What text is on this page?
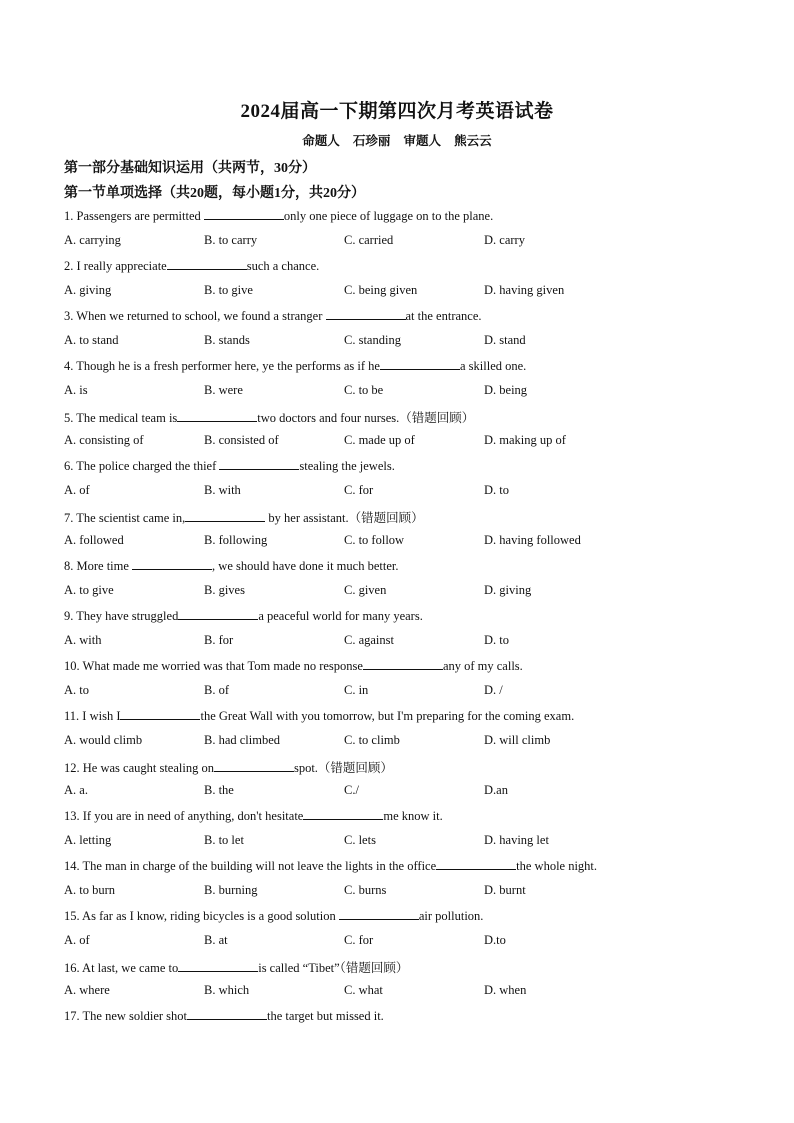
2024届高一下期第四次月考英语试卷
命题人 石珍丽 审题人 熊云云
第一部分基础知识运用（共两节，30分）
第一节单项选择（共20题，每小题1分，共20分）
1. Passengers are permitted	only one piece of luggage on to the plane.
A. carrying	B. to carry	C. carried	D. carry
2. I really appreciate	such a chance.
A. giving	B. to give	C. being given	D. having given
3. When we returned to school, we found a stranger	at the entrance.
A. to stand	B. stands	C. standing	D. stand
4. Though he is a fresh performer here, ye the performs as if he	a skilled one.
A. is	B. were	C. to be	D. being
5. The medical team is	two doctors and four nurses.（错题回顾）
A. consisting of	B. consisted of	C. made up of	D. making up of
6. The police charged the thief	stealing the jewels.
A. of	B. with	C. for	D. to
7. The scientist came in,	by her assistant.（错题回顾）
A. followed	B. following	C. to follow	D. having followed
8. More time	, we should have done it much better.
A. to give	B. gives	C. given	D. giving
9. They have struggled	a peaceful world for many years.
A. with	B. for	C. against	D. to
10. What made me worried was that Tom made no response	any of my calls.
A. to	B. of	C. in	D. /
11. I wish I	the Great Wall with you tomorrow, but I'm preparing for the coming exam.
A. would climb	B. had climbed	C. to climb	D. will climb
12. He was caught stealing on	spot.（错题回顾）
A. a.	B. the	C./	D.an
13. If you are in need of anything, don't hesitate	me know it.
A. letting	B. to let	C. lets	D. having let
14. The man in charge of the building will not leave the lights in the office	the whole night.
A. to burn	B. burning	C. burns	D. burnt
15. As far as I know, riding bicycles is a good solution	air pollution.
A. of	B. at	C. for	D.to
16. At last, we came to	is called “Tibet”（错题回顾）
A. where	B. which	C. what	D. when
17. The new soldier shot	the target but missed it.
